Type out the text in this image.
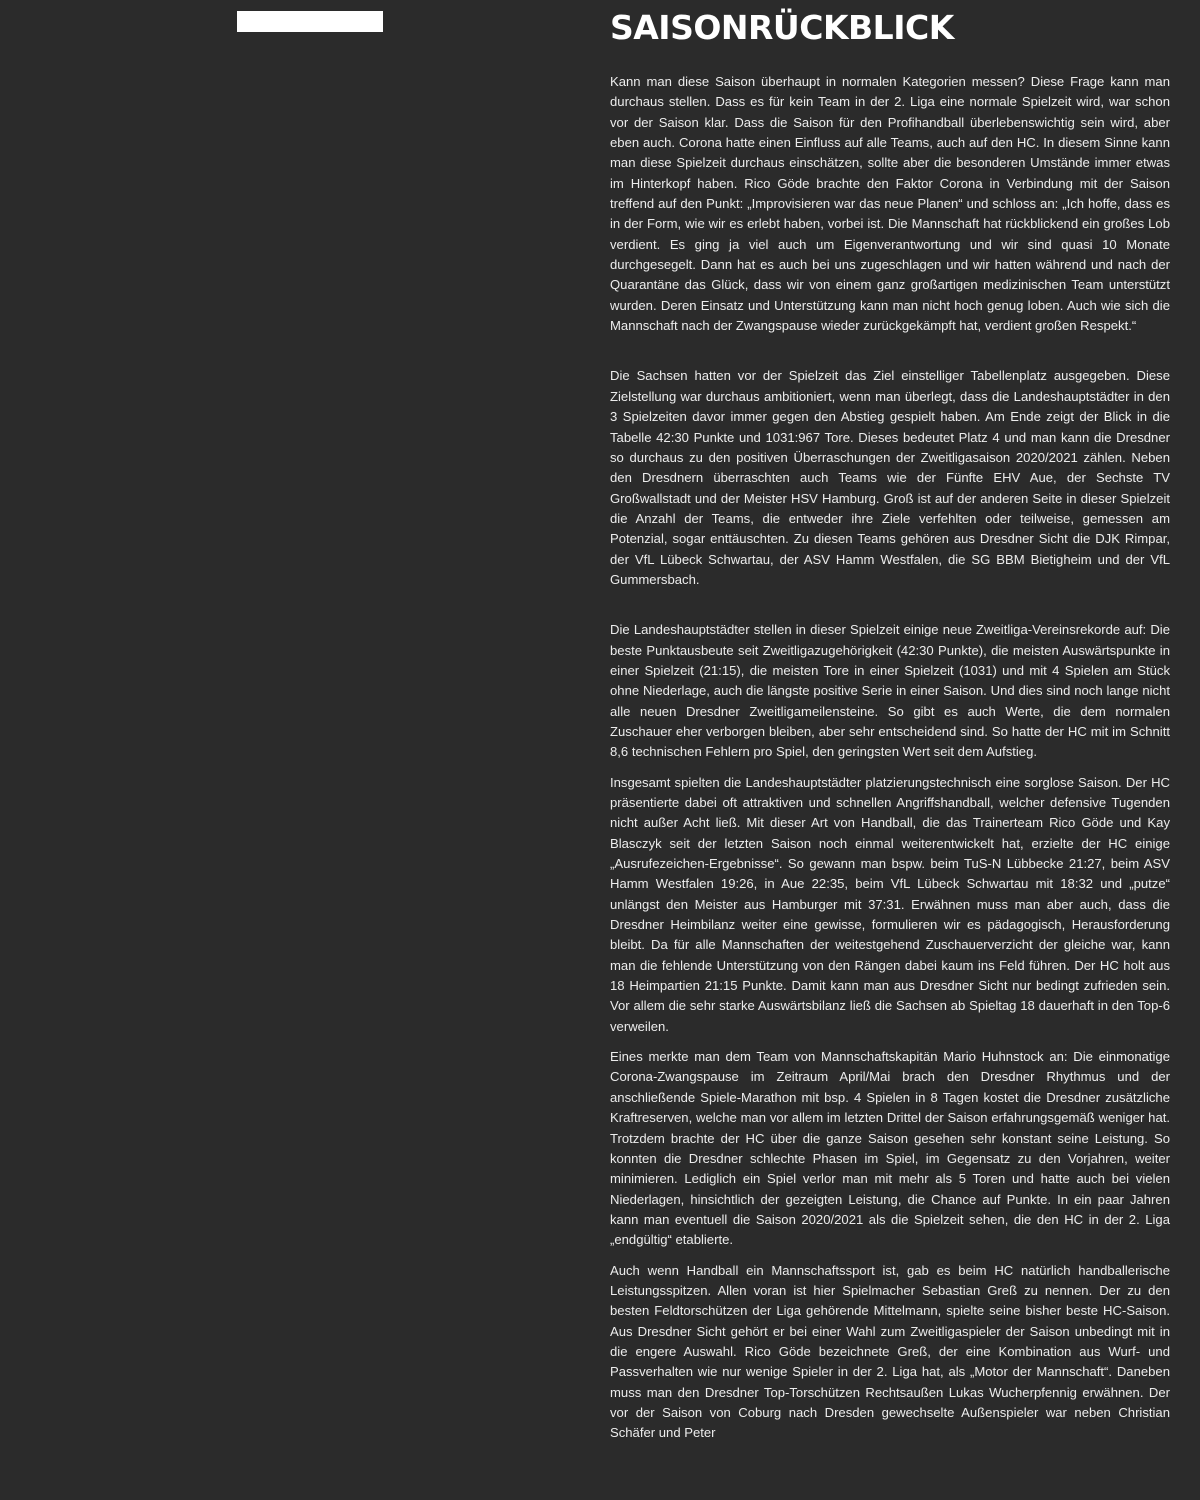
SAISONRÜCKBLICK

Kann man diese Saison überhaupt in normalen Kategorien messen? Diese Frage kann man durchaus stellen. Dass es für kein Team in der 2. Liga eine normale Spielzeit wird, war schon vor der Saison klar. Dass die Saison für den Profihandball überlebenswichtig sein wird, aber eben auch. Corona hatte einen Einfluss auf alle Teams, auch auf den HC. In diesem Sinne kann man diese Spielzeit durchaus einschätzen, sollte aber die besonderen Umstände immer etwas im Hinterkopf haben. Rico Göde brachte den Faktor Corona in Verbindung mit der Saison treffend auf den Punkt: „Improvisieren war das neue Planen“ und schloss an: „Ich hoffe, dass es in der Form, wie wir es erlebt haben, vorbei ist. Die Mannschaft hat rückblickend ein großes Lob verdient. Es ging ja viel auch um Eigenverantwortung und wir sind quasi 10 Monate durchgesegelt. Dann hat es auch bei uns zugeschlagen und wir hatten während und nach der Quarantäne das Glück, dass wir von einem ganz großartigen medizinischen Team unterstützt wurden. Deren Einsatz und Unterstützung kann man nicht hoch genug loben. Auch wie sich die Mannschaft nach der Zwangspause wieder zurückgekämpft hat, verdient großen Respekt.“

Die Sachsen hatten vor der Spielzeit das Ziel einstelliger Tabellenplatz ausgegeben. Diese Zielstellung war durchaus ambitioniert, wenn man überlegt, dass die Landeshauptstädter in den 3 Spielzeiten davor immer gegen den Abstieg gespielt haben. Am Ende zeigt der Blick in die Tabelle 42:30 Punkte und 1031:967 Tore. Dieses bedeutet Platz 4 und man kann die Dresdner so durchaus zu den positiven Überraschungen der Zweitligasaison 2020/2021 zählen. Neben den Dresdnern überraschten auch Teams wie der Fünfte EHV Aue, der Sechste TV Großwallstadt und der Meister HSV Hamburg. Groß ist auf der anderen Seite in dieser Spielzeit die Anzahl der Teams, die entweder ihre Ziele verfehlten oder teilweise, gemessen am Potenzial, sogar enttäuschten. Zu diesen Teams gehören aus Dresdner Sicht die DJK Rimpar, der VfL Lübeck Schwartau, der ASV Hamm Westfalen, die SG BBM Bietigheim und der VfL Gummersbach.

Die Landeshauptstädter stellen in dieser Spielzeit einige neue Zweitliga-Vereinsrekorde auf: Die beste Punktausbeute seit Zweitligazugehörigkeit (42:30 Punkte), die meisten Auswärtspunkte in einer Spielzeit (21:15), die meisten Tore in einer Spielzeit (1031) und mit 4 Spielen am Stück ohne Niederlage, auch die längste positive Serie in einer Saison. Und dies sind noch lange nicht alle neuen Dresdner Zweitligameilensteine. So gibt es auch Werte, die dem normalen Zuschauer eher verborgen bleiben, aber sehr entscheidend sind. So hatte der HC mit im Schnitt 8,6 technischen Fehlern pro Spiel, den geringsten Wert seit dem Aufstieg.

Insgesamt spielten die Landeshauptstädter platzierungstechnisch eine sorglose Saison. Der HC präsentierte dabei oft attraktiven und schnellen Angriffshandball, welcher defensive Tugenden nicht außer Acht ließ. Mit dieser Art von Handball, die das Trainerteam Rico Göde und Kay Blasczyk seit der letzten Saison noch einmal weiterentwickelt hat, erzielte der HC einige „Ausrufezeichen-Ergebnisse“. So gewann man bspw. beim TuS-N Lübbecke 21:27, beim ASV Hamm Westfalen 19:26, in Aue 22:35, beim VfL Lübeck Schwartau mit 18:32 und „putze“ unlängst den Meister aus Hamburger mit 37:31. Erwähnen muss man aber auch, dass die Dresdner Heimbilanz weiter eine gewisse, formulieren wir es pädagogisch, Herausforderung bleibt. Da für alle Mannschaften der weitestgehend Zuschauerverzicht der gleiche war, kann man die fehlende Unterstützung von den Rängen dabei kaum ins Feld führen. Der HC holt aus 18 Heimpartien 21:15 Punkte. Damit kann man aus Dresdner Sicht nur bedingt zufrieden sein. Vor allem die sehr starke Auswärtsbilanz ließ die Sachsen ab Spieltag 18 dauerhaft in den Top-6 verweilen.

Eines merkte man dem Team von Mannschaftskapitän Mario Huhnstock an: Die einmonatige Corona-Zwangspause im Zeitraum April/Mai brach den Dresdner Rhythmus und der anschließende Spiele-Marathon mit bsp. 4 Spielen in 8 Tagen kostet die Dresdner zusätzliche Kraftreserven, welche man vor allem im letzten Drittel der Saison erfahrungsgemäß weniger hat. Trotzdem brachte der HC über die ganze Saison gesehen sehr konstant seine Leistung. So konnten die Dresdner schlechte Phasen im Spiel, im Gegensatz zu den Vorjahren, weiter minimieren. Lediglich ein Spiel verlor man mit mehr als 5 Toren und hatte auch bei vielen Niederlagen, hinsichtlich der gezeigten Leistung, die Chance auf Punkte. In ein paar Jahren kann man eventuell die Saison 2020/2021 als die Spielzeit sehen, die den HC in der 2. Liga „endgültig“ etablierte.

Auch wenn Handball ein Mannschaftssport ist, gab es beim HC natürlich handballerische Leistungsspitzen. Allen voran ist hier Spielmacher Sebastian Greß zu nennen. Der zu den besten Feldtorschützen der Liga gehörende Mittelmann, spielte seine bisher beste HC-Saison. Aus Dresdner Sicht gehört er bei einer Wahl zum Zweitligaspieler der Saison unbedingt mit in die engere Auswahl. Rico Göde bezeichnete Greß, der eine Kombination aus Wurf- und Passverhalten wie nur wenige Spieler in der 2. Liga hat, als „Motor der Mannschaft“. Daneben muss man den Dresdner Top-Torschützen Rechtsaußen Lukas Wucherpfennig erwähnen. Der vor der Saison von Coburg nach Dresden gewechselte Außenspieler war neben Christian Schäfer und Peter
